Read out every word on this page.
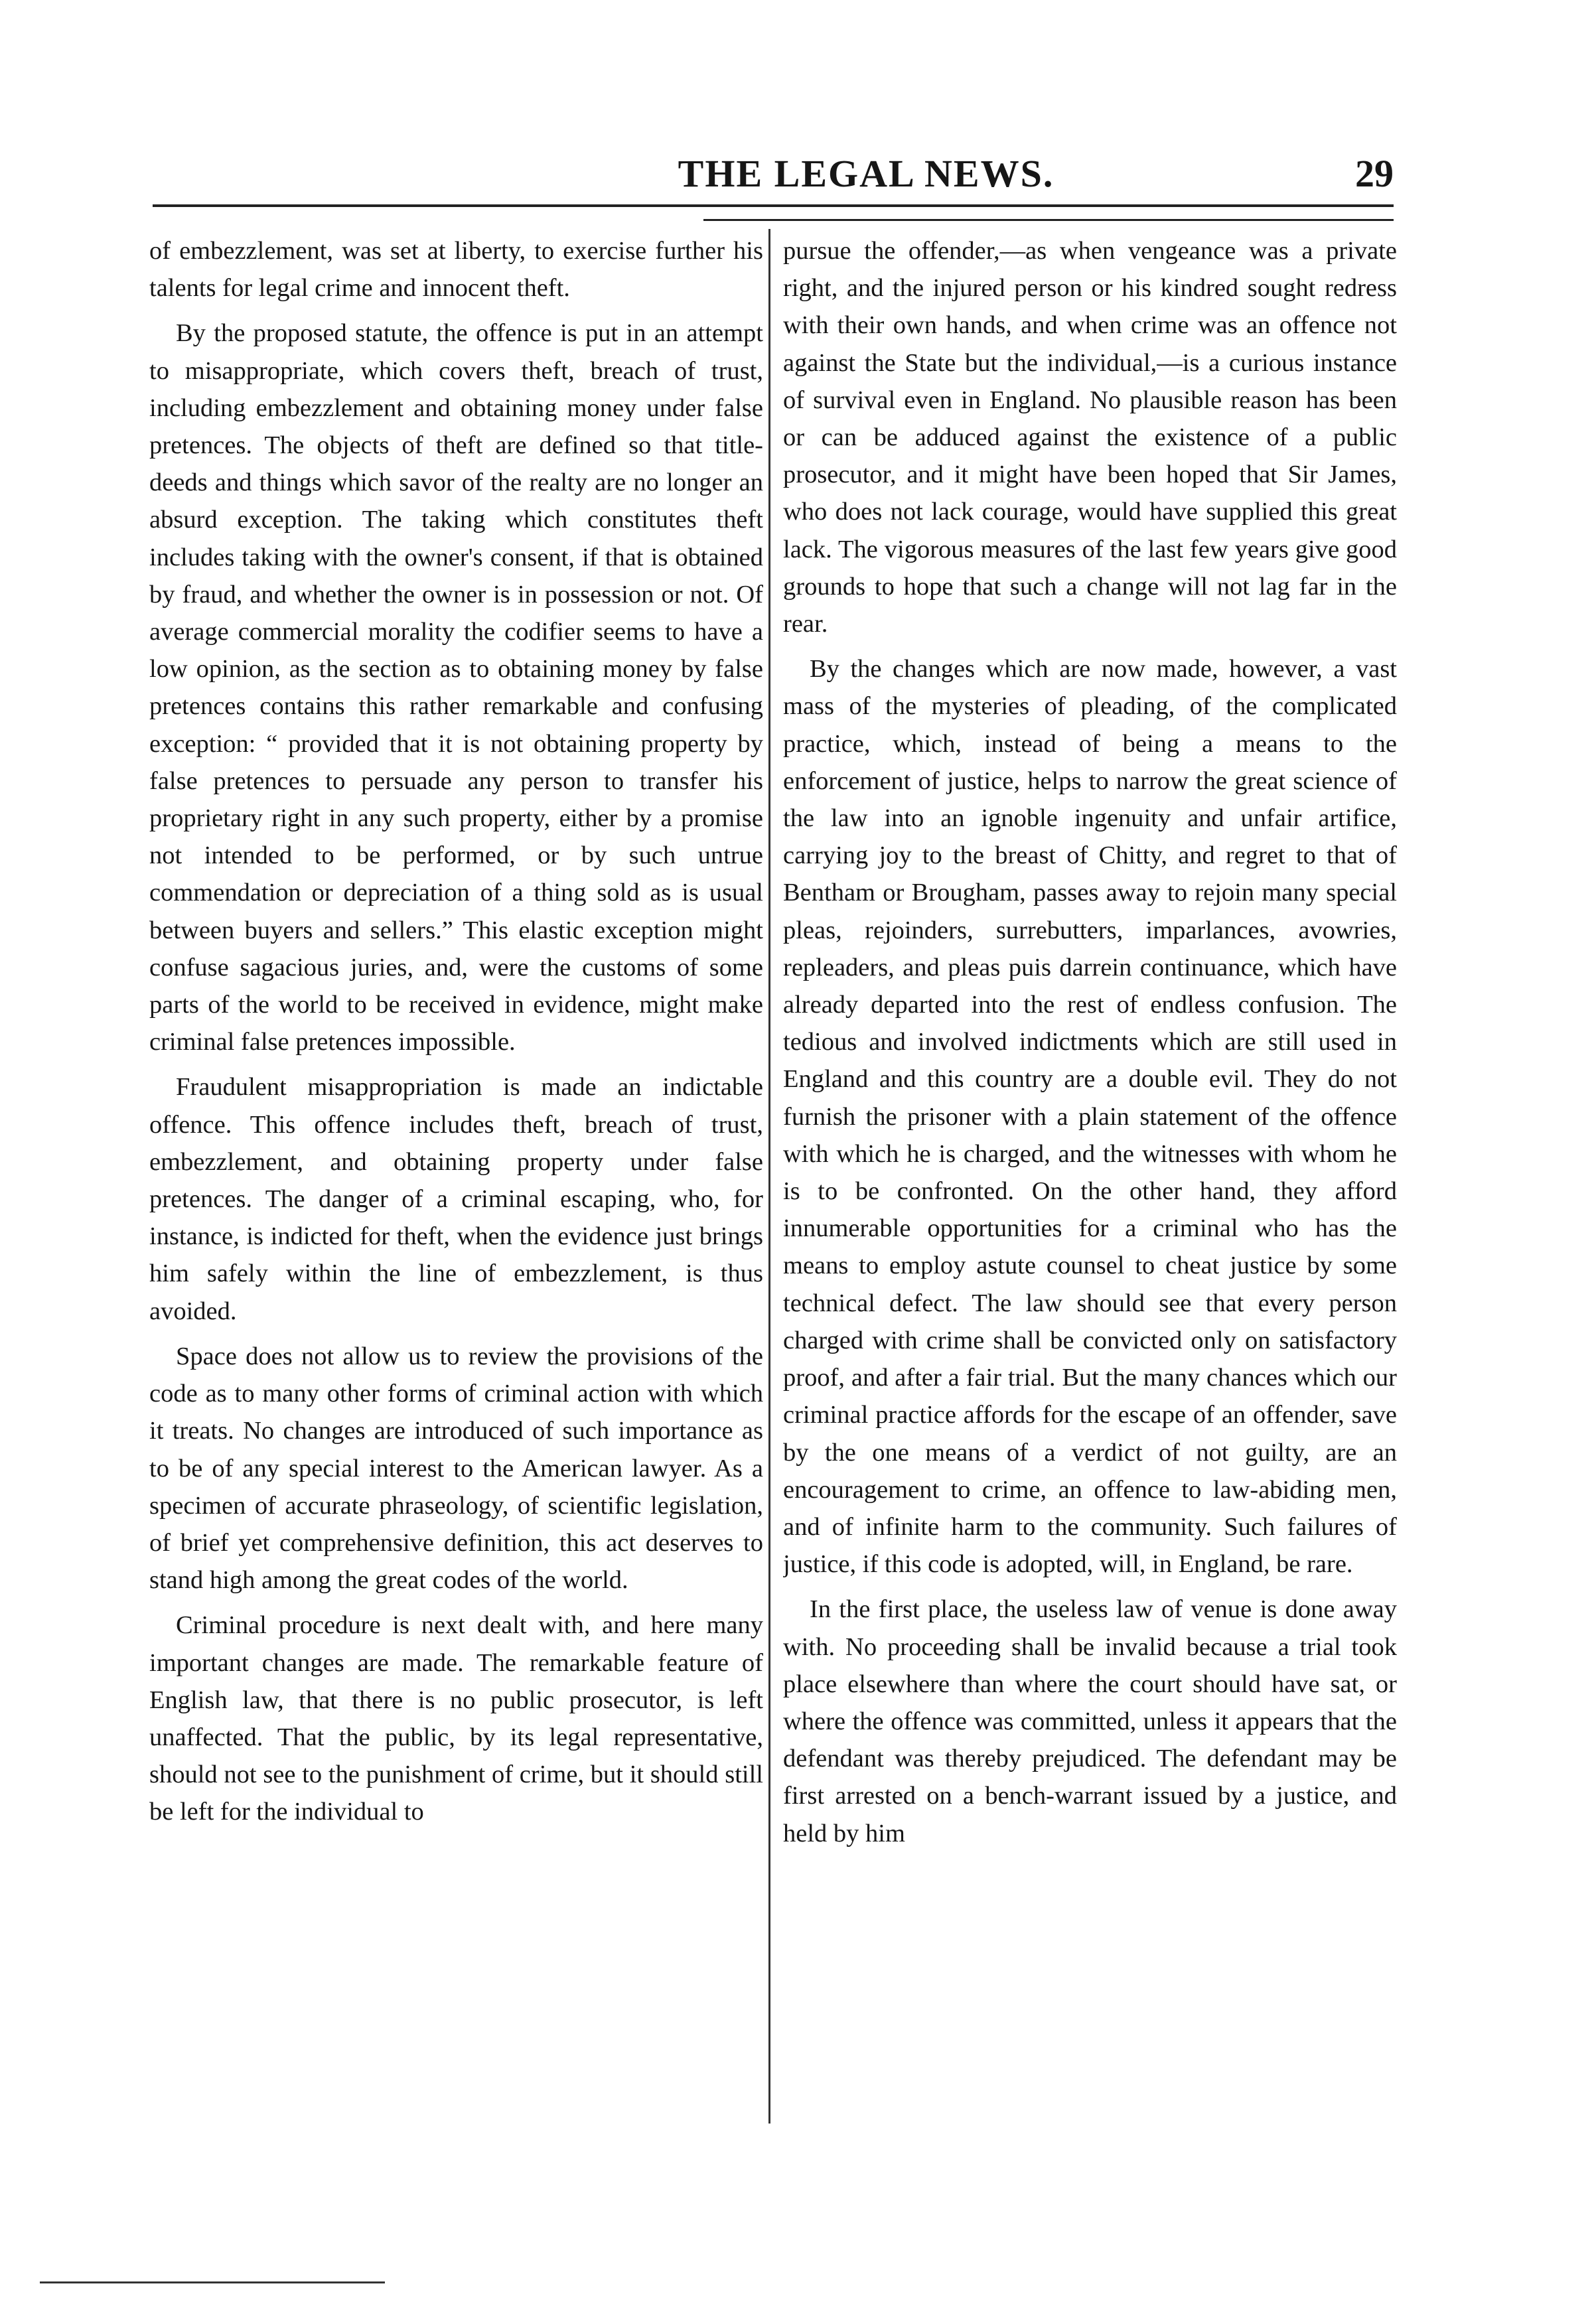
THE LEGAL NEWS.	29

of embezzlement, was set at liberty, to exercise further his talents for legal crime and innocent theft.

By the proposed statute, the offence is put in an attempt to misappropriate, which covers theft, breach of trust, including embezzlement and obtaining money under false pretences. The objects of theft are defined so that title-deeds and things which savor of the realty are no longer an absurd exception. The taking which constitutes theft includes taking with the owner's consent, if that is obtained by fraud, and whether the owner is in possession or not. Of average commercial morality the codifier seems to have a low opinion, as the section as to obtaining money by false pretences contains this rather remarkable and confusing exception: “ provided that it is not obtaining property by false pretences to persuade any person to transfer his proprietary right in any such property, either by a promise not intended to be performed, or by such untrue commendation or depreciation of a thing sold as is usual between buyers and sellers.” This elastic exception might confuse sagacious juries, and, were the customs of some parts of the world to be received in evidence, might make criminal false pretences impossible.

Fraudulent misappropriation is made an indictable offence. This offence includes theft, breach of trust, embezzlement, and obtaining property under false pretences. The danger of a criminal escaping, who, for instance, is indicted for theft, when the evidence just brings him safely within the line of embezzlement, is thus avoided.

Space does not allow us to review the provisions of the code as to many other forms of criminal action with which it treats. No changes are introduced of such importance as to be of any special interest to the American lawyer. As a specimen of accurate phraseology, of scientific legislation, of brief yet comprehensive definition, this act deserves to stand high among the great codes of the world.

Criminal procedure is next dealt with, and here many important changes are made. The remarkable feature of English law, that there is no public prosecutor, is left unaffected. That the public, by its legal representative, should not see to the punishment of crime, but it should still be left for the individual to

pursue the offender,—as when vengeance was a private right, and the injured person or his kindred sought redress with their own hands, and when crime was an offence not against the State but the individual,—is a curious instance of survival even in England. No plausible reason has been or can be adduced against the existence of a public prosecutor, and it might have been hoped that Sir James, who does not lack courage, would have supplied this great lack. The vigorous measures of the last few years give good grounds to hope that such a change will not lag far in the rear.

By the changes which are now made, however, a vast mass of the mysteries of pleading, of the complicated practice, which, instead of being a means to the enforcement of justice, helps to narrow the great science of the law into an ignoble ingenuity and unfair artifice, carrying joy to the breast of Chitty, and regret to that of Bentham or Brougham, passes away to rejoin many special pleas, rejoinders, surrebutters, imparlances, avowries, repleaders, and pleas puis darrein continuance, which have already departed into the rest of endless confusion. The tedious and involved indictments which are still used in England and this country are a double evil. They do not furnish the prisoner with a plain statement of the offence with which he is charged, and the witnesses with whom he is to be confronted. On the other hand, they afford innumerable opportunities for a criminal who has the means to employ astute counsel to cheat justice by some technical defect. The law should see that every person charged with crime shall be convicted only on satisfactory proof, and after a fair trial. But the many chances which our criminal practice affords for the escape of an offender, save by the one means of a verdict of not guilty, are an encouragement to crime, an offence to law-abiding men, and of infinite harm to the community. Such failures of justice, if this code is adopted, will, in England, be rare.

In the first place, the useless law of venue is done away with. No proceeding shall be invalid because a trial took place elsewhere than where the court should have sat, or where the offence was committed, unless it appears that the defendant was thereby prejudiced. The defendant may be first arrested on a bench-warrant issued by a justice, and held by him
